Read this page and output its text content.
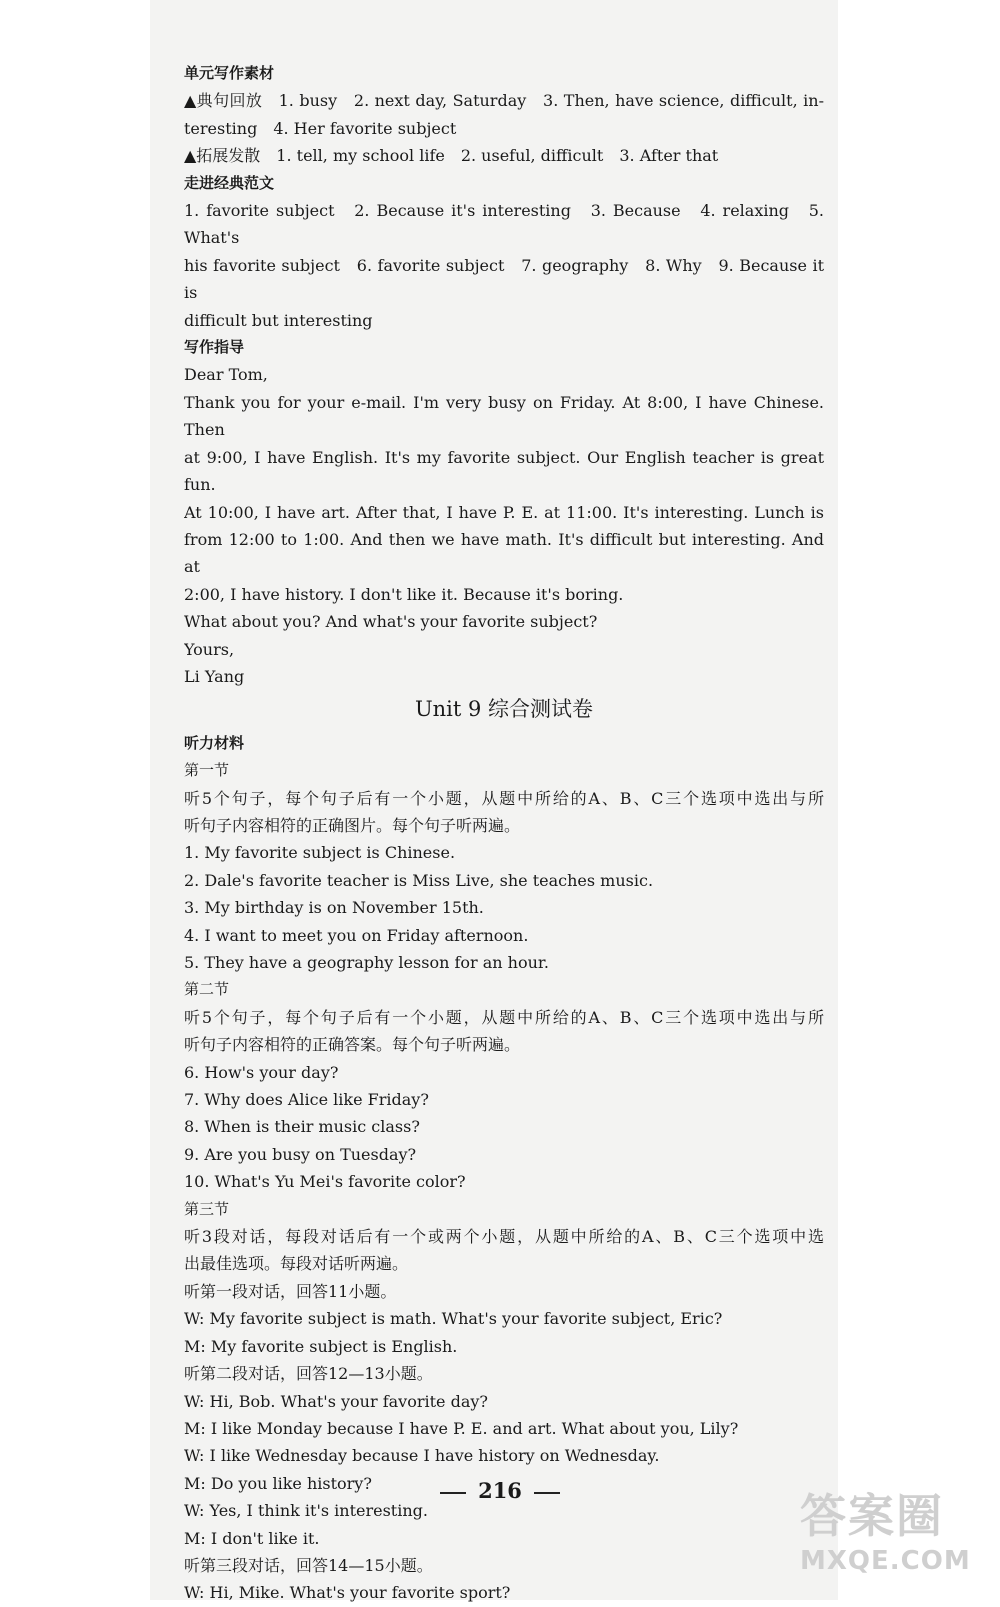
单元写作素材
▲典句回放　1. busy　2. next day, Saturday　3. Then, have science, difficult, in-
teresting　4. Her favorite subject
▲拓展发散　1. tell, my school life　2. useful, difficult　3. After that
走进经典范文
1. favorite subject　2. Because it's interesting　3. Because　4. relaxing　5. What's
his favorite subject　6. favorite subject　7. geography　8. Why　9. Because it is
difficult but interesting
写作指导
Dear Tom,
Thank you for your e-mail. I'm very busy on Friday. At 8:00, I have Chinese. Then
at 9:00, I have English. It's my favorite subject. Our English teacher is great fun.
At 10:00, I have art. After that, I have P. E. at 11:00. It's interesting. Lunch is
from 12:00 to 1:00. And then we have math. It's difficult but interesting. And at
2:00, I have history. I don't like it. Because it's boring.
What about you? And what's your favorite subject?
Yours,
Li Yang
Unit 9 综合测试卷
听力材料
第一节
听5个句子，每个句子后有一个小题，从题中所给的A、B、C三个选项中选出与所
听句子内容相符的正确图片。每个句子听两遍。
1. My favorite subject is Chinese.
2. Dale's favorite teacher is Miss Live, she teaches music.
3. My birthday is on November 15th.
4. I want to meet you on Friday afternoon.
5. They have a geography lesson for an hour.
第二节
听5个句子，每个句子后有一个小题，从题中所给的A、B、C三个选项中选出与所
听句子内容相符的正确答案。每个句子听两遍。
6. How's your day?
7. Why does Alice like Friday?
8. When is their music class?
9. Are you busy on Tuesday?
10. What's Yu Mei's favorite color?
第三节
听3段对话，每段对话后有一个或两个小题，从题中所给的A、B、C三个选项中选
出最佳选项。每段对话听两遍。
听第一段对话，回答11小题。
W: My favorite subject is math. What's your favorite subject, Eric?
M: My favorite subject is English.
听第二段对话，回答12—13小题。
W: Hi, Bob. What's your favorite day?
M: I like Monday because I have P. E. and art. What about you, Lily?
W: I like Wednesday because I have history on Wednesday.
M: Do you like history?
W: Yes, I think it's interesting.
M: I don't like it.
听第三段对话，回答14—15小题。
W: Hi, Mike. What's your favorite sport?
216	答案圈
MXQE.COM
